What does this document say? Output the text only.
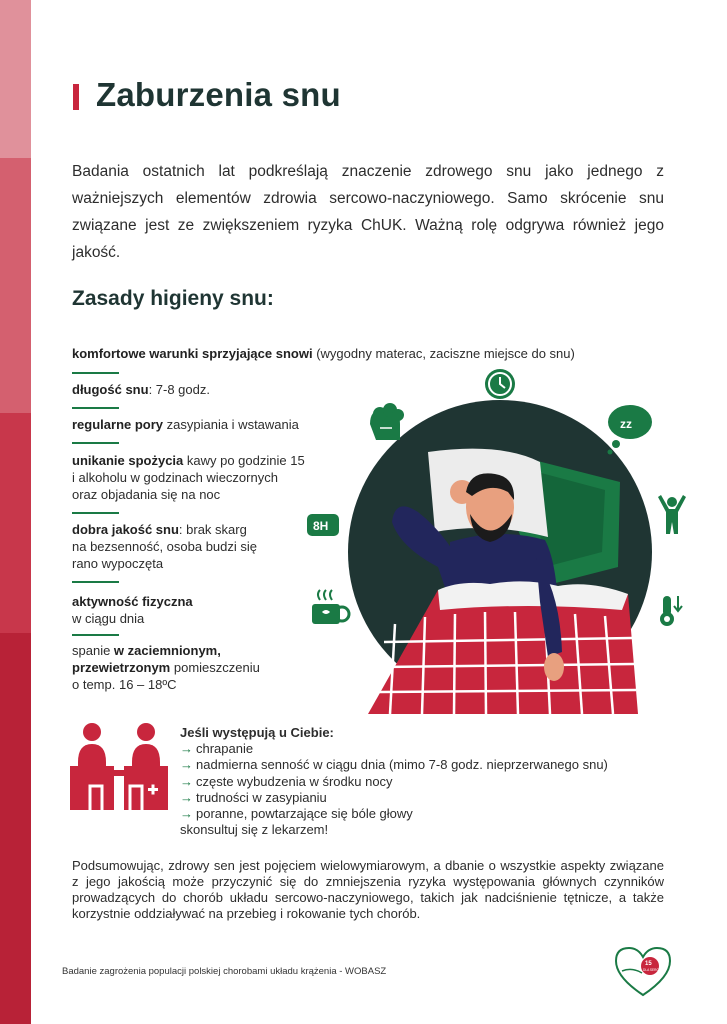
Zaburzenia snu

Badania ostatnich lat podkreślają znaczenie zdrowego snu jako jednego z ważniejszych elementów zdrowia sercowo-naczyniowego. Samo skrócenie snu związane jest ze zwiększeniem ryzyka ChUK. Ważną rolę odgrywa również jego jakość.

Zasady higieny snu:
komfortowe warunki sprzyjające snowi (wygodny materac, zaciszne miejsce do snu)
długość snu: 7-8 godz.
regularne pory zasypiania i wstawania
unikanie spożycia kawy po godzinie 15
i alkoholu w godzinach wieczornych
oraz objadania się na noc
dobra jakość snu: brak skarg
na bezsenność, osoba budzi się
rano wypoczęta
aktywność fizyczna
w ciągu dnia
spanie w zaciemnionym,
przewietrzonym pomieszczeniu
o temp. 16 – 18ºC
zz
8H
Jeśli występują u Ciebie:
→ chrapanie
→ nadmierna senność w ciągu dnia (mimo 7-8 godz. nieprzerwanego snu)
→ częste wybudzenia w środku nocy
→ trudności w zasypianiu
→ poranne, powtarzające się bóle głowy
skonsultuj się z lekarzem!

Podsumowując, zdrowy sen jest pojęciem wielowymiarowym, a dbanie o wszystkie aspekty związane z jego jakością może przyczynić się do zmniejszenia ryzyka występowania głównych czynników prowadzących do chorób układu sercowo-naczyniowego, takich jak nadciśnienie tętnicze, a także korzystnie oddziaływać na przebieg i rokowanie tych chorób.

Badanie zagrożenia populacji polskiej chorobami układu krążenia - WOBASZ
15
DLA SERCA
